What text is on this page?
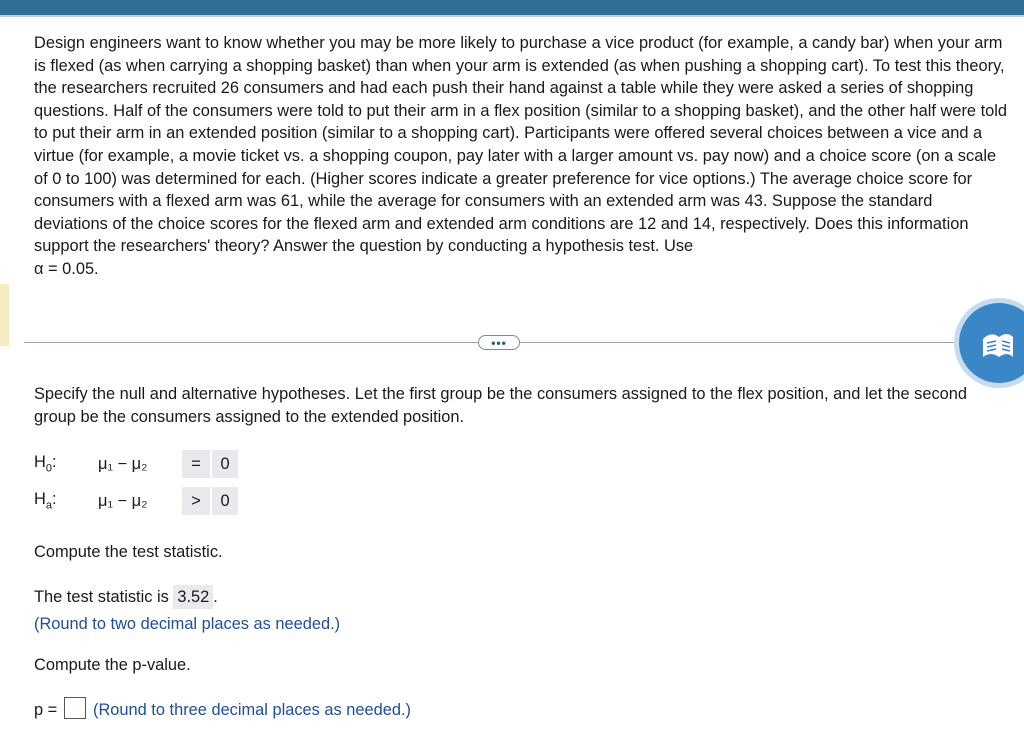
Design engineers want to know whether you may be more likely to purchase a vice product (for example, a candy bar) when your arm is flexed (as when carrying a shopping basket) than when your arm is extended (as when pushing a shopping cart). To test this theory, the researchers recruited 26 consumers and had each push their hand against a table while they were asked a series of shopping questions. Half of the consumers were told to put their arm in a flex position (similar to a shopping basket), and the other half were told to put their arm in an extended position (similar to a shopping cart). Participants were offered several choices between a vice and a virtue (for example, a movie ticket vs. a shopping coupon, pay later with a larger amount vs. pay now) and a choice score (on a scale of 0 to 100) was determined for each. (Higher scores indicate a greater preference for vice options.) The average choice score for consumers with a flexed arm was 61, while the average for consumers with an extended arm was 43. Suppose the standard deviations of the choice scores for the flexed arm and extended arm conditions are 12 and 14, respectively. Does this information support the researchers' theory? Answer the question by conducting a hypothesis test. Use
α = 0.05.

•••

Specify the null and alternative hypotheses. Let the first group be the consumers assigned to the flex position, and let the second group be the consumers assigned to the extended position.

$H_0$:	μ₁ − μ₂	=	0
$H_a$:	μ₁ − μ₂	>	0

Compute the test statistic.

The test statistic is 3.52 .

(Round to two decimal places as needed.)

Compute the p-value.

p = (Round to three decimal places as needed.)
